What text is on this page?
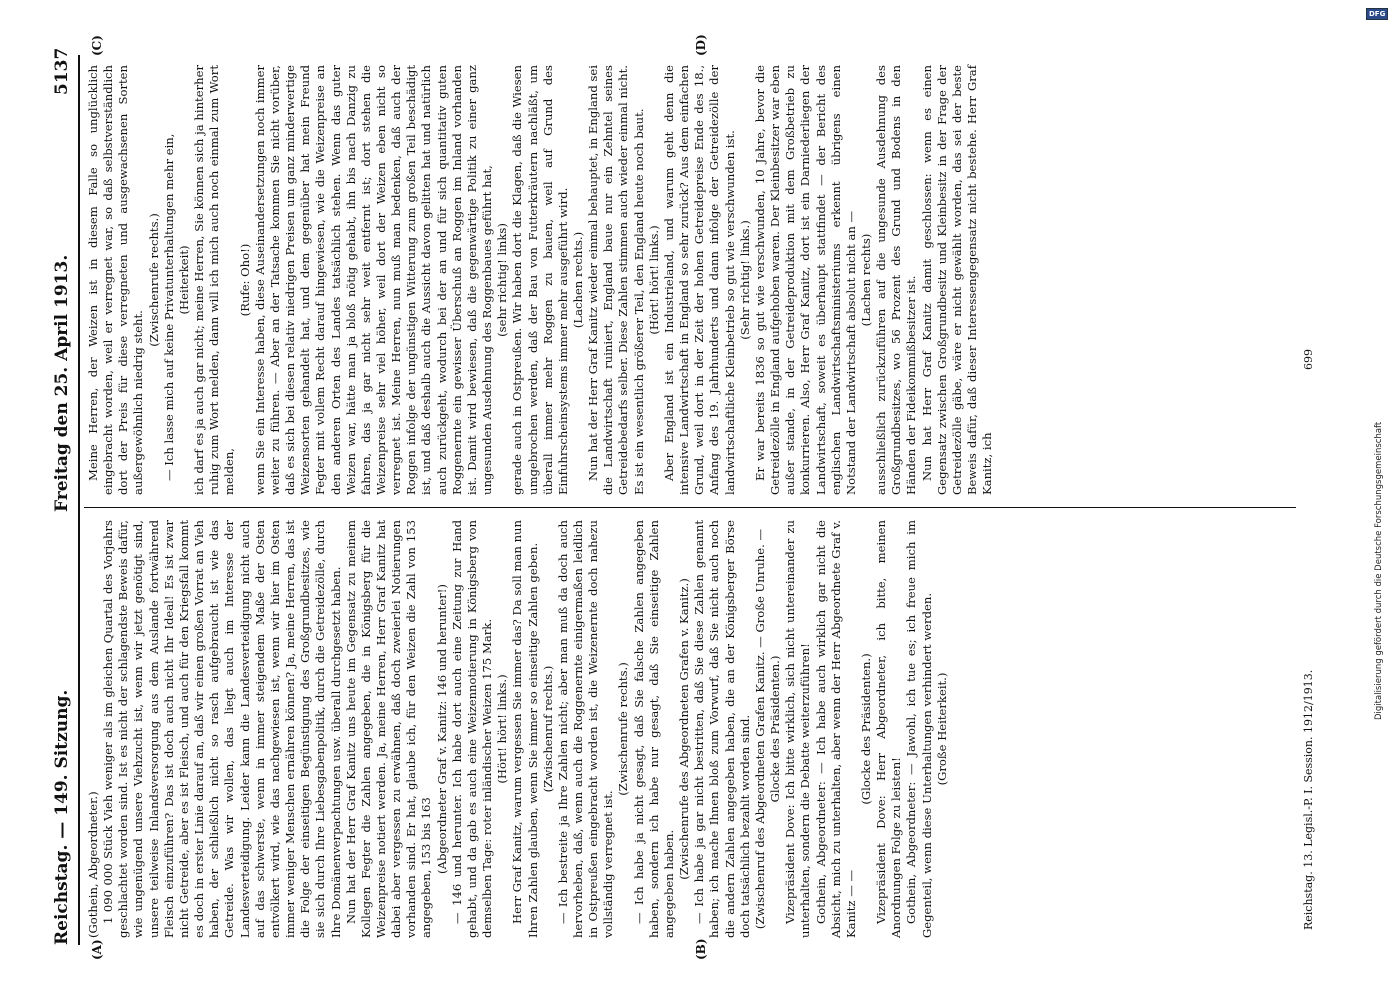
Reichstag. — 149. Sitzung.
Freitag den 25. April 1913.
5137
(A)	(B)
(C)	(D)

(Gothein, Abgeordneter.) 1 090 000 Stück Vieh weniger als im gleichen Quartal des Vorjahrs geschlachtet worden sind. Ist es nicht der schlagendste Beweis dafür, wie ungenügend unsere Viehzucht ist, wenn wir jetzt genötigt sind, unsere teilweise Inlandsversorgung aus dem Auslande fortwährend Fleisch einzuführen? Das ist doch auch nicht Ihr Ideal! Es ist zwar nicht Getreide, aber es ist Fleisch, und auch für den Kriegsfall kommt es doch in erster Linie darauf an, daß wir einen großen Vorrat an Vieh haben, der schließlich nicht so rasch aufgebraucht ist wie das Getreide. Was wir wollen, das liegt auch im Interesse der Landesverteidigung. Leider kann die Landesverteidigung nicht auch auf das schwerste, wenn in immer steigendem Maße der Osten entvölkert wird, wie das nachgewiesen ist, wenn wir hier im Osten immer weniger Menschen ernähren können? Ja, meine Herren, das ist die Folge der einseitigen Begünstigung des Großgrundbesitzes, wie sie sich durch Ihre Liebesgabenpolitik, durch die Getreidezölle, durch Ihre Domänenverpachtungen usw. überall durchgesetzt haben. Nun hat der Herr Graf Kanitz uns heute im Gegensatz zu meinem Kollegen Fegter die Zahlen angegeben, die in Königsberg für die Weizenpreise notiert werden. Ja, meine Herren, Herr Graf Kanitz hat dabei aber vergessen zu erwähnen, daß doch zweierlei Notierungen vorhanden sind. Er hat, glaube ich, für den Weizen die Zahl von 153 angegeben, 153 bis 163 (Abgeordneter Graf v. Kanitz: 146 und herunter!) — 146 und herunter. Ich habe dort auch eine Zeitung zur Hand gehabt, und da gab es auch eine Weizennotierung in Königsberg von demselben Tage: roter inländischer Weizen 175 Mark. (Hört! hört! links.) Herr Graf Kanitz, warum vergessen Sie immer das? Da soll man nun Ihren Zahlen glauben, wenn Sie immer so einseitige Zahlen geben. (Zwischenruf rechts.) — Ich bestreite ja Ihre Zahlen nicht; aber man muß da doch auch hervorheben, daß, wenn auch die Roggenernte einigermaßen leidlich in Ostpreußen eingebracht worden ist, die Weizenernte doch nahezu vollständig verregnet ist.

(Zwischenrufe rechts.) — Ich habe ja nicht gesagt, daß Sie falsche Zahlen angegeben haben, sondern ich habe nur gesagt, daß Sie einseitige Zahlen angegeben haben.

(Zwischenrufe des Abgeordneten Grafen v. Kanitz.) — Ich habe ja gar nicht bestritten, daß Sie diese Zahlen genannt haben; ich mache Ihnen bloß zum Vorwurf, daß Sie nicht auch noch die andern Zahlen angegeben haben, die an der Königsberger Börse doch tatsächlich bezahlt worden sind. (Zwischenruf des Abgeordneten Grafen Kanitz. — Große Unruhe. — Glocke des Präsidenten.) Vizepräsident Dove: Ich bitte wirklich, sich nicht untereinander zu unterhalten, sondern die Debatte weiterzuführen! Gothein, Abgeordneter: — Ich habe auch wirklich gar nicht die Absicht, mich zu unterhalten, aber wenn der Herr Abgeordnete Graf v. Kanitz — —

(Glocke des Präsidenten.) Vizepräsident Dove: Herr Abgeordneter, ich bitte, meinen Anordnungen Folge zu leisten! Gothein, Abgeordneter: — Jawohl, ich tue es; ich freue mich im Gegenteil, wenn diese Unterhaltungen verhindert werden. (Große Heiterkeit.)

Meine Herren, der Weizen ist in diesem Falle so unglücklich eingebracht worden, weil er verregnet war, so daß selbstverständlich dort der Preis für diese verregneten und ausgewachsenen Sorten außergewöhnlich niedrig steht.

(Zwischenrufe rechts.) — Ich lasse mich auf keine Privatunterhaltungen mehr ein, (Heiterkeit) ich darf es ja auch gar nicht; meine Herren, Sie können sich ja hinterher ruhig zum Wort melden, dann will ich mich auch noch einmal zum Wort melden,

(Rufe: Oho!) wenn Sie ein Interesse haben, diese Auseinandersetzungen noch immer weiter zu führen. — Aber an der Tatsache kommen Sie nicht vorüber, daß es sich bei diesen relativ niedrigen Preisen um ganz minderwertige Weizensorten gehandelt hat, und dem gegenüber hat mein Freund Fegter mit vollem Recht darauf hingewiesen, wie die Weizenpreise an den anderen Orten des Landes tatsächlich stehen. Wenn das guter Weizen war, hätte man ja bloß nötig gehabt, ihn bis nach Danzig zu fahren, das ja gar nicht sehr weit entfernt ist; dort stehen die Weizenpreise sehr viel höher, weil dort der Weizen eben nicht so verregnet ist. Meine Herren, nun muß man bedenken, daß auch der Roggen infolge der ungünstigen Witterung zum großen Teil beschädigt ist, und daß deshalb auch die Aussicht davon gelitten hat und natürlich auch zurückgeht, wodurch bei der an und für sich quantitativ guten Roggenernte ein gewisser Überschuß an Roggen im Inland vorhanden ist. Damit wird bewiesen, daß die gegenwärtige Politik zu einer ganz ungesunden Ausdehnung des Roggenbaues geführt hat, (sehr richtig! links) gerade auch in Ostpreußen. Wir haben dort die Klagen, daß die Wiesen umgebrochen werden, daß der Bau von Futterkräutern nachläßt, um überall immer mehr Roggen zu bauen, weil auf Grund des Einfuhrscheinsystems immer mehr ausgeführt wird. (Lachen rechts.) Nun hat der Herr Graf Kanitz wieder einmal behauptet, in England sei die Landwirtschaft ruiniert, England baue nur ein Zehntel seines Getreidebedarfs selber. Diese Zahlen stimmen auch wieder einmal nicht. Es ist ein wesentlich größerer Teil, den England heute noch baut. (Hört! hört! links.) Aber England ist ein Industrieland, und warum geht denn die intensive Landwirtschaft in England so sehr zurück? Aus dem einfachen Grund, weil dort in der Zeit der hohen Getreidepreise Ende des 18., Anfang des 19. Jahrhunderts und dann infolge der Getreidezölle der landwirtschaftliche Kleinbetrieb so gut wie verschwunden ist. (Sehr richtig! links.) Er war bereits 1836 so gut wie verschwunden, 10 Jahre, bevor die Getreidezölle in England aufgehoben waren. Der Kleinbesitzer war eben außer stande, in der Getreideproduktion mit dem Großbetrieb zu konkurrieren. Also, Herr Graf Kanitz, dort ist ein Darniederliegen der Landwirtschaft, soweit es überhaupt stattfindet — der Bericht des englischen Landwirtschaftsministeriums erkennt übrigens einen Notstand der Landwirtschaft absolut nicht an — (Lachen rechts) ausschließlich zurückzuführen auf die ungesunde Ausdehnung des Großgrundbesitzes, wo 56 Prozent des Grund und Bodens in den Händen der Fideikommißbesitzer ist. Nun hat Herr Graf Kanitz damit geschlossen: wenn es einen Gegensatz zwischen Großgrundbesitz und Kleinbesitz in der Frage der Getreidezölle gäbe, wäre er nicht gewählt worden, das sei der beste Beweis dafür, daß dieser Interessengegensatz nicht bestehe. Herr Graf Kanitz, ich

Reichstag. 13. Legisl.-P. I. Session. 1912/1913.
699
Digitalisierung gefördert durch die Deutsche Forschungsgemeinschaft
DFG
